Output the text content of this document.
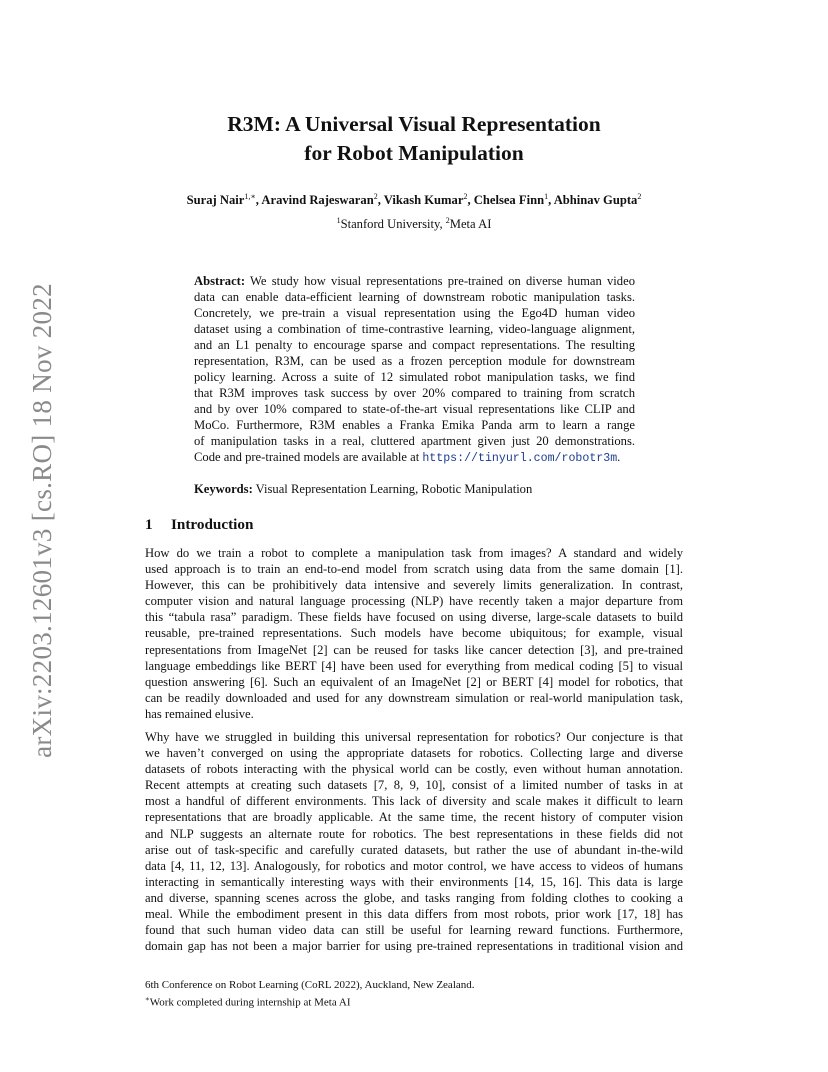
arXiv:2203.12601v3 [cs.RO] 18 Nov 2022
R3M: A Universal Visual Representation
for Robot Manipulation
Suraj Nair$^{1,∗}$, Aravind Rajeswaran$^2$, Vikash Kumar$^2$, Chelsea Finn$^1$, Abhinav Gupta$^2$
$^1$Stanford University, $^2$Meta AI
Abstract: We study how visual representations pre-trained on diverse human video
data can enable data-efficient learning of downstream robotic manipulation tasks.
Concretely, we pre-train a visual representation using the Ego4D human video
dataset using a combination of time-contrastive learning, video-language alignment,
and an L1 penalty to encourage sparse and compact representations. The resulting
representation, R3M, can be used as a frozen perception module for downstream
policy learning. Across a suite of 12 simulated robot manipulation tasks, we find
that R3M improves task success by over 20% compared to training from scratch
and by over 10% compared to state-of-the-art visual representations like CLIP and
MoCo. Furthermore, R3M enables a Franka Emika Panda arm to learn a range
of manipulation tasks in a real, cluttered apartment given just 20 demonstrations.
Code and pre-trained models are available at https://tinyurl.com/robotr3m.
Keywords: Visual Representation Learning, Robotic Manipulation
1 Introduction
How do we train a robot to complete a manipulation task from images? A standard and widely
used approach is to train an end-to-end model from scratch using data from the same domain [1].
However, this can be prohibitively data intensive and severely limits generalization. In contrast,
computer vision and natural language processing (NLP) have recently taken a major departure from
this “tabula rasa” paradigm. These fields have focused on using diverse, large-scale datasets to build
reusable, pre-trained representations. Such models have become ubiquitous; for example, visual
representations from ImageNet [2] can be reused for tasks like cancer detection [3], and pre-trained
language embeddings like BERT [4] have been used for everything from medical coding [5] to visual
question answering [6]. Such an equivalent of an ImageNet [2] or BERT [4] model for robotics, that
can be readily downloaded and used for any downstream simulation or real-world manipulation task,
has remained elusive.
Why have we struggled in building this universal representation for robotics? Our conjecture is that
we haven’t converged on using the appropriate datasets for robotics. Collecting large and diverse
datasets of robots interacting with the physical world can be costly, even without human annotation.
Recent attempts at creating such datasets [7, 8, 9, 10], consist of a limited number of tasks in at
most a handful of different environments. This lack of diversity and scale makes it difficult to learn
representations that are broadly applicable. At the same time, the recent history of computer vision
and NLP suggests an alternate route for robotics. The best representations in these fields did not
arise out of task-specific and carefully curated datasets, but rather the use of abundant in-the-wild
data [4, 11, 12, 13]. Analogously, for robotics and motor control, we have access to videos of humans
interacting in semantically interesting ways with their environments [14, 15, 16]. This data is large
and diverse, spanning scenes across the globe, and tasks ranging from folding clothes to cooking a
meal. While the embodiment present in this data differs from most robots, prior work [17, 18] has
found that such human video data can still be useful for learning reward functions. Furthermore,
domain gap has not been a major barrier for using pre-trained representations in traditional vision and
6th Conference on Robot Learning (CoRL 2022), Auckland, New Zealand.
∗Work completed during internship at Meta AI
